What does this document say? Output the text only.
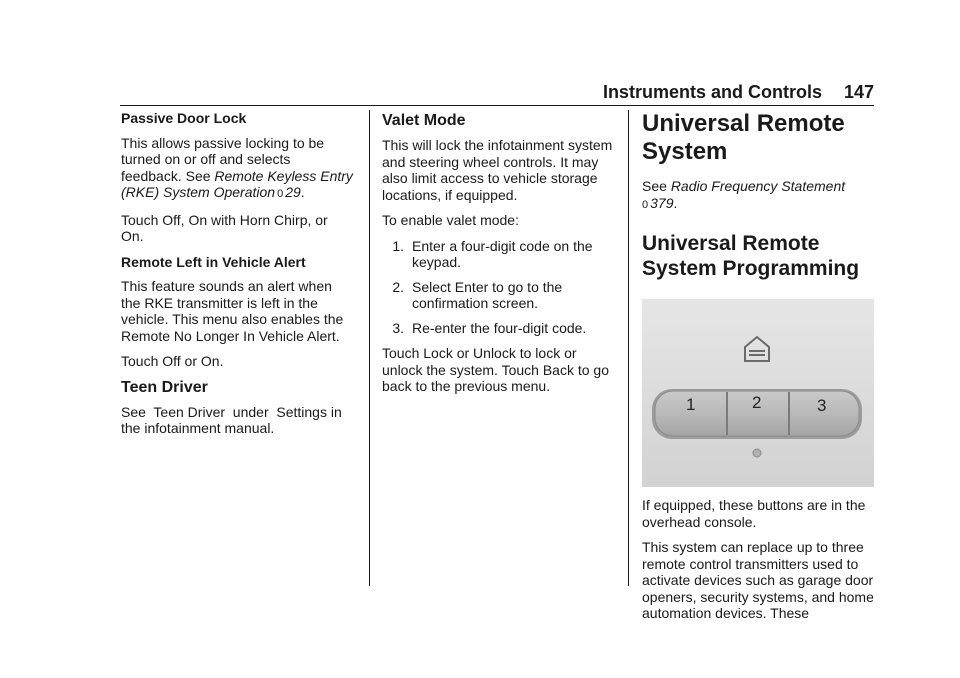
Instruments and Controls 147

Passive Door Lock

This allows passive locking to be turned on or off and selects feedback. See Remote Keyless Entry (RKE) System Operation 0 29.

Touch Off, On with Horn Chirp, or On.

Remote Left in Vehicle Alert

This feature sounds an alert when the RKE transmitter is left in the vehicle. This menu also enables the Remote No Longer In Vehicle Alert.

Touch Off or On.

Teen Driver

See  Teen Driver  under  Settings in the infotainment manual.

Valet Mode

This will lock the infotainment system and steering wheel controls. It may also limit access to vehicle storage locations, if equipped.

To enable valet mode:

1. Enter a four-digit code on the keypad.
2. Select Enter to go to the confirmation screen.
3. Re-enter the four-digit code.

Touch Lock or Unlock to lock or unlock the system. Touch Back to go back to the previous menu.

Universal Remote System

See Radio Frequency Statement
0 379.

Universal Remote System Programming
1	2	3

If equipped, these buttons are in the overhead console.

This system can replace up to three remote control transmitters used to activate devices such as garage door openers, security systems, and home automation devices. These
